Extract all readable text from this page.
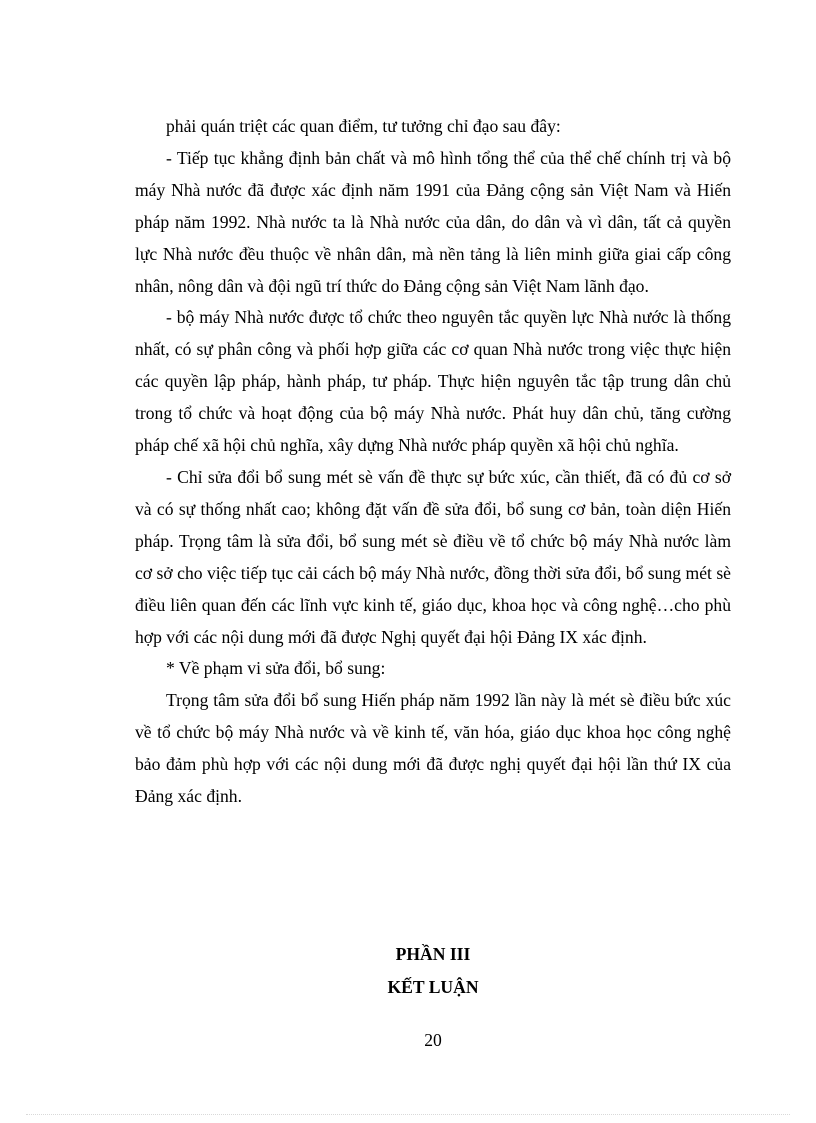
phải quán triệt các quan điểm, tư tưởng chỉ đạo sau đây:

- Tiếp tục khẳng định bản chất và mô hình tổng thể của thể chế chính trị và bộ máy Nhà nước đã được xác định năm 1991 của Đảng cộng sản Việt Nam và Hiến pháp năm 1992. Nhà nước ta là Nhà nước của dân, do dân và vì dân, tất cả quyền lực Nhà nước đều thuộc về nhân dân, mà nền tảng là liên minh giữa giai cấp công nhân, nông dân và đội ngũ trí thức do Đảng cộng sản Việt Nam lãnh đạo.

- bộ máy Nhà nước được tổ chức theo nguyên tắc quyền lực Nhà nước là thống nhất, có sự phân công và phối hợp giữa các cơ quan Nhà nước trong việc thực hiện các quyền lập pháp, hành pháp, tư pháp. Thực hiện nguyên tắc tập trung dân chủ trong tổ chức và hoạt động của bộ máy Nhà nước. Phát huy dân chủ, tăng cường pháp chế xã hội chủ nghĩa, xây dựng Nhà nước pháp quyền xã hội chủ nghĩa.

- Chỉ sửa đổi bổ sung mét sè vấn đề thực sự bức xúc, cần thiết, đã có đủ cơ sở và có sự thống nhất cao; không đặt vấn đề sửa đổi, bổ sung cơ bản, toàn diện Hiến pháp. Trọng tâm là sửa đổi, bổ sung mét sè điều về tổ chức bộ máy Nhà nước làm cơ sở cho việc tiếp tục cải cách bộ máy Nhà nước, đồng thời sửa đổi, bổ sung mét sè điều liên quan đến các lĩnh vực kinh tế, giáo dục, khoa học và công nghệ…cho phù hợp với các nội dung mới đã được Nghị quyết đại hội Đảng IX xác định.

* Về phạm vi sửa đổi, bổ sung:

Trọng tâm sửa đổi bổ sung Hiến pháp năm 1992 lần này là mét sè điều bức xúc về tổ chức bộ máy Nhà nước và về kinh tế, văn hóa, giáo dục khoa học công nghệ bảo đảm phù hợp với các nội dung mới đã được nghị quyết đại hội lần thứ IX của Đảng xác định.

PHẦN III
KẾT LUẬN
20
